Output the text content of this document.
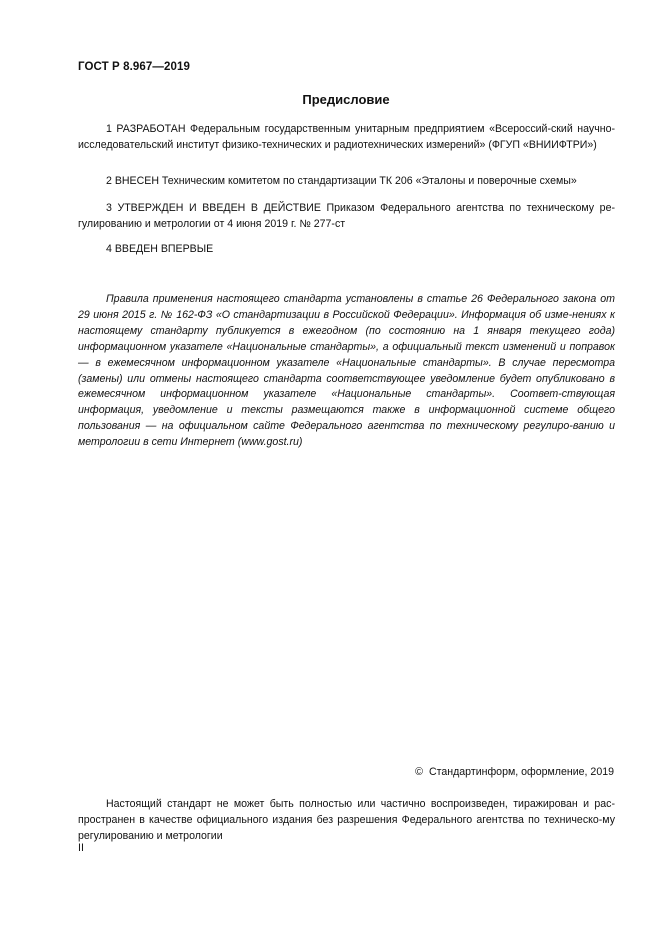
ГОСТ Р 8.967—2019
Предисловие

1 РАЗРАБОТАН Федеральным государственным унитарным предприятием «Всероссий-ский научно-исследовательский институт физико-технических и радиотехнических измерений» (ФГУП «ВНИИФТРИ»)

2 ВНЕСЕН Техническим комитетом по стандартизации ТК 206 «Эталоны и поверочные схемы»

3 УТВЕРЖДЕН И ВВЕДЕН В ДЕЙСТВИЕ Приказом Федерального агентства по техническому ре-гулированию и метрологии от 4 июня 2019 г. № 277-ст

4 ВВЕДЕН ВПЕРВЫЕ

Правила применения настоящего стандарта установлены в статье 26 Федерального закона от 29 июня 2015 г. № 162-ФЗ «О стандартизации в Российской Федерации». Информация об изме-нениях к настоящему стандарту публикуется в ежегодном (по состоянию на 1 января текущего года) информационном указателе «Национальные стандарты», а официальный текст изменений и поправок — в ежемесячном информационном указателе «Национальные стандарты». В случае пересмотра (замены) или отмены настоящего стандарта соответствующее уведомление будет опубликовано в ежемесячном информационном указателе «Национальные стандарты». Соответ-ствующая информация, уведомление и тексты размещаются также в информационной системе общего пользования — на официальном сайте Федерального агентства по техническому регулиро-ванию и метрологии в сети Интернет (www.gost.ru)

© Стандартинформ, оформление, 2019

Настоящий стандарт не может быть полностью или частично воспроизведен, тиражирован и рас-пространен в качестве официального издания без разрешения Федерального агентства по техническо-му регулированию и метрологии

II
